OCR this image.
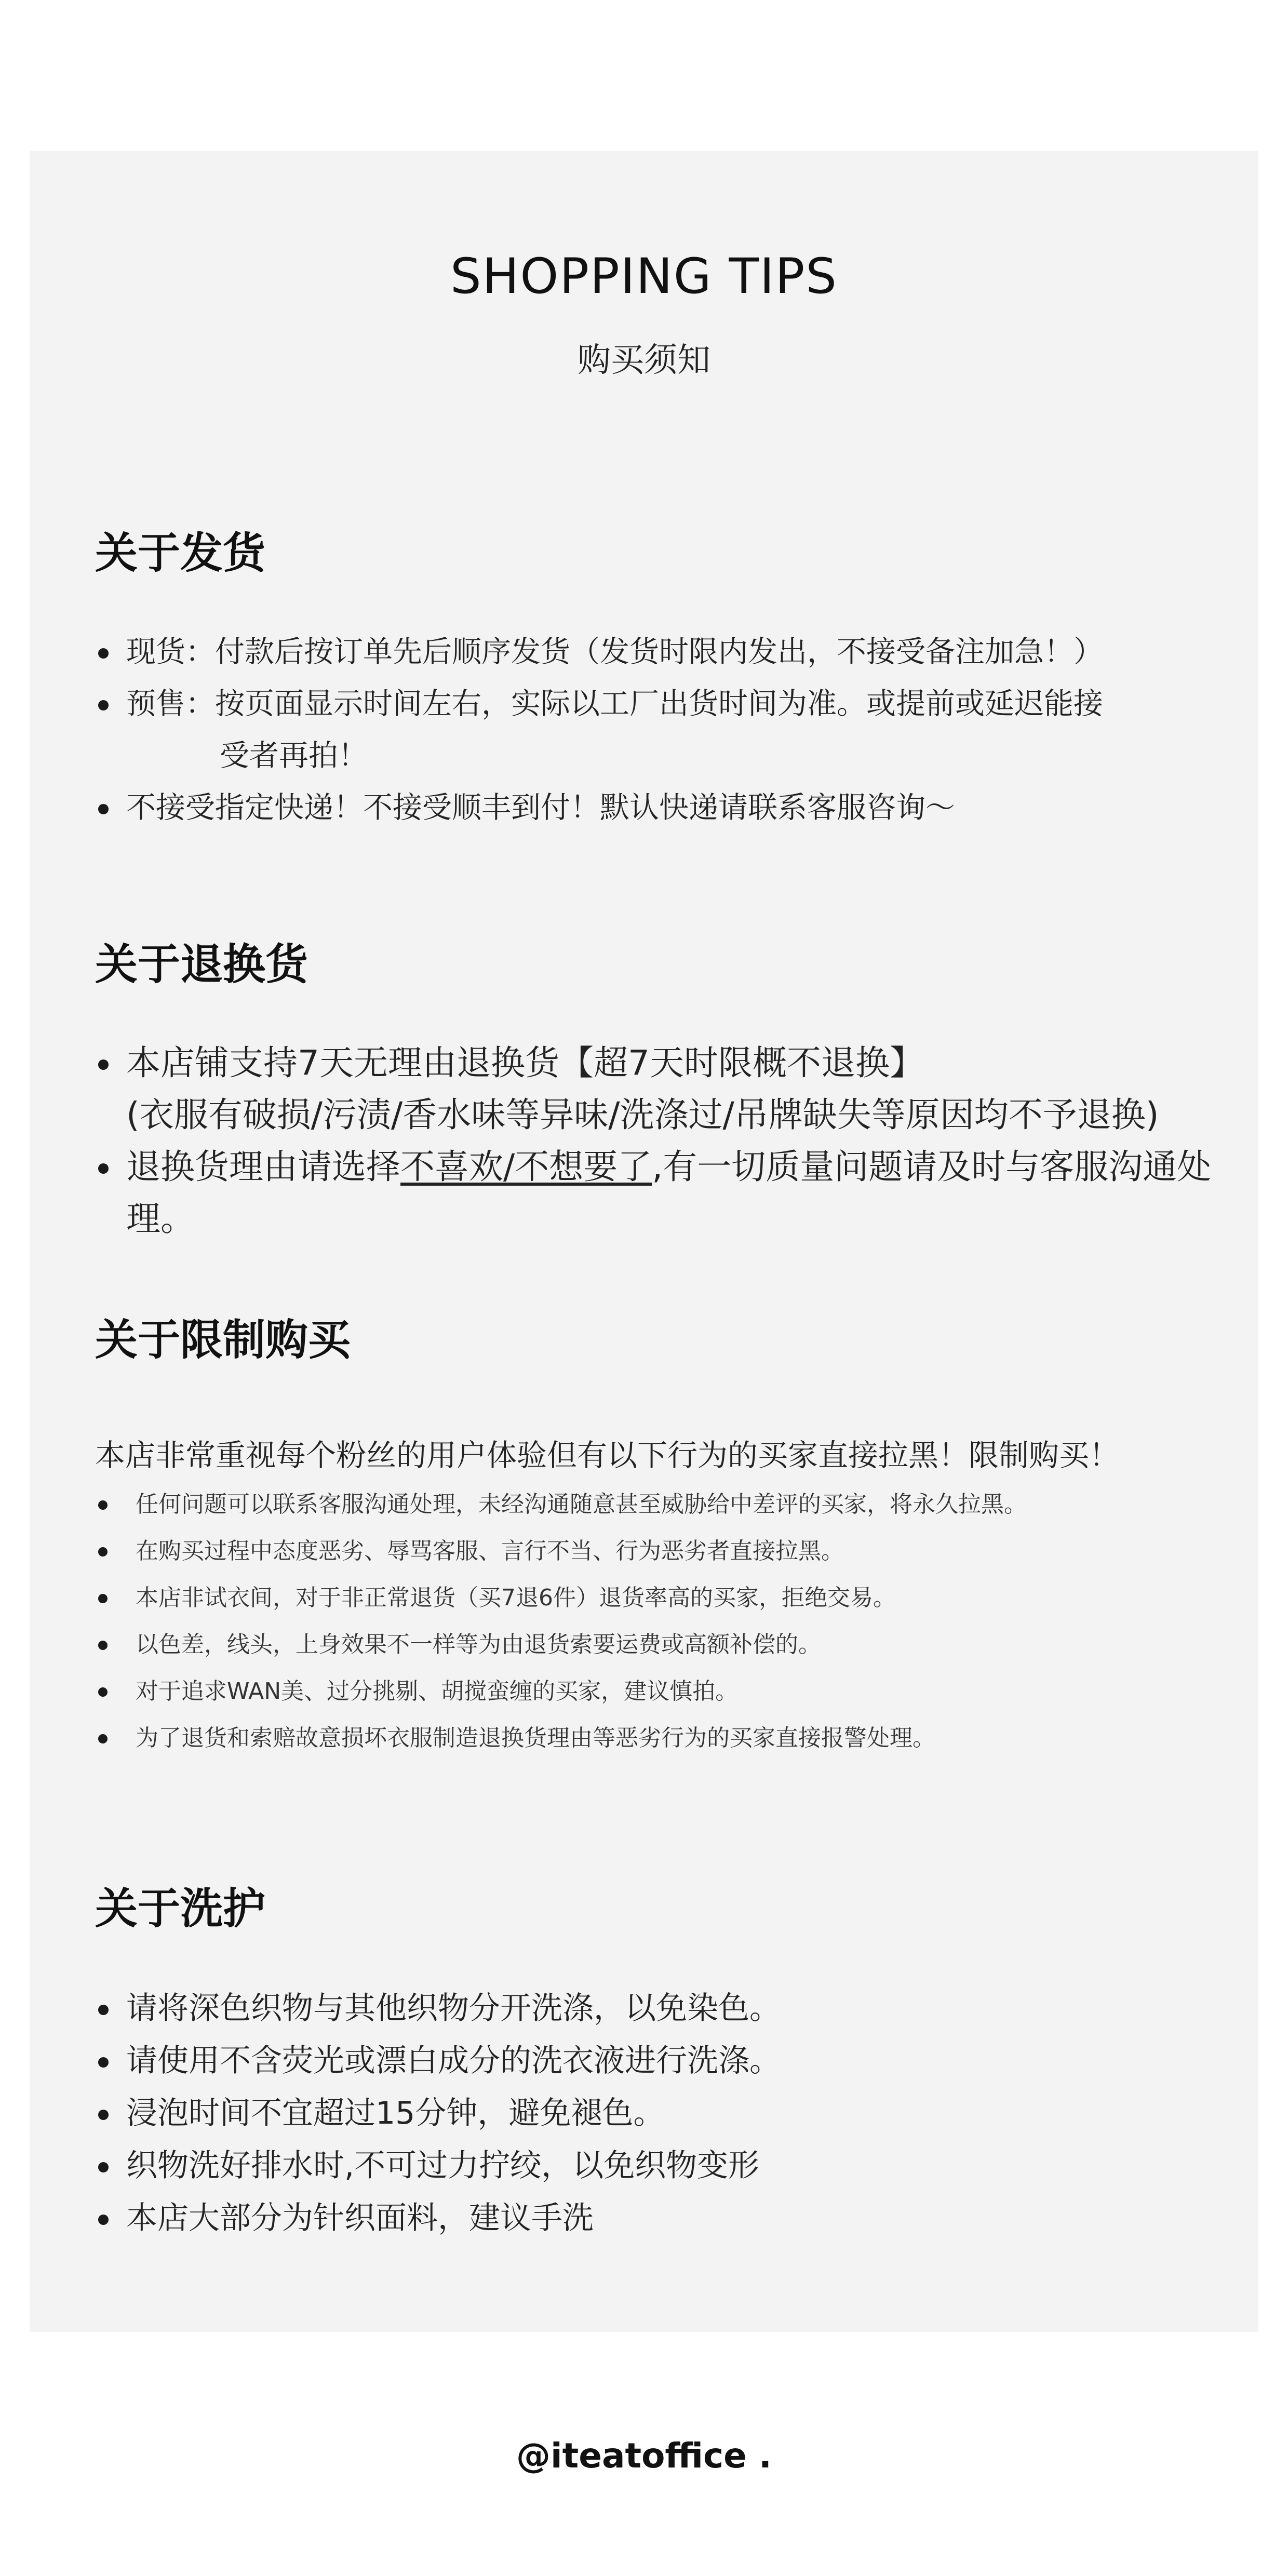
SHOPPING TIPS
购买须知
关于发货
现货：付款后按订单先后顺序发货（发货时限内发出，不接受备注加急！）
预售：按页面显示时间左右，实际以工厂出货时间为准。或提前或延迟能接
受者再拍！
不接受指定快递！不接受顺丰到付！默认快递请联系客服咨询～
关于退换货
本店铺支持7天无理由退换货【超7天时限概不退换】
(衣服有破损/污渍/香水味等异味/洗涤过/吊牌缺失等原因均不予退换)
退换货理由请选择不喜欢/不想要了,有一切质量问题请及时与客服沟通处理。
关于限制购买

本店非常重视每个粉丝的用户体验但有以下行为的买家直接拉黑！限制购买！

任何问题可以联系客服沟通处理，未经沟通随意甚至威胁给中差评的买家，将永久拉黑。
在购买过程中态度恶劣、辱骂客服、言行不当、行为恶劣者直接拉黑。
本店非试衣间，对于非正常退货（买7退6件）退货率高的买家，拒绝交易。
以色差，线头，上身效果不一样等为由退货索要运费或高额补偿的。
对于追求WAN美、过分挑剔、胡搅蛮缠的买家，建议慎拍。
为了退货和索赔故意损坏衣服制造退换货理由等恶劣行为的买家直接报警处理。
关于洗护
请将深色织物与其他织物分开洗涤，以免染色。
请使用不含荧光或漂白成分的洗衣液进行洗涤。
浸泡时间不宜超过15分钟，避免褪色。
织物洗好排水时,不可过力拧绞，以免织物变形
本店大部分为针织面料，建议手洗
@iteatoffice .
